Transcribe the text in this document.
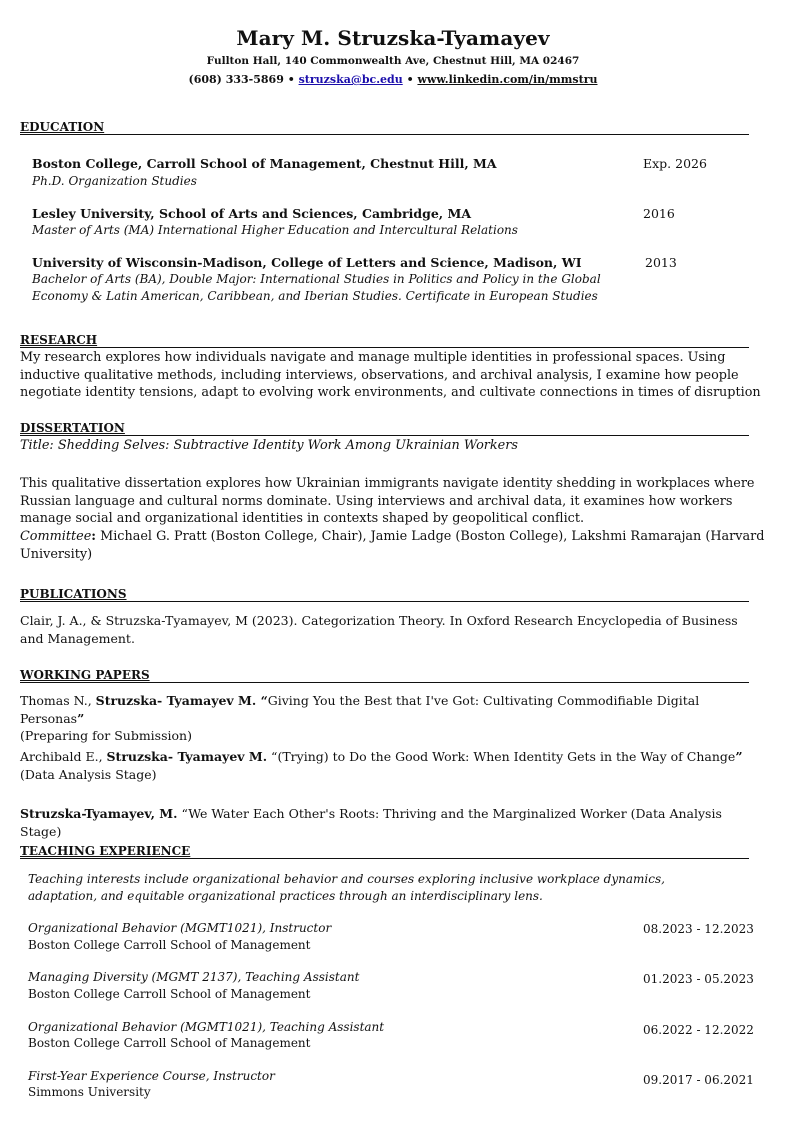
Mary M. Struzska-Tyamayev
Fullton Hall, 140 Commonwealth Ave, Chestnut Hill, MA 02467
(608) 333-5869 • struzska@bc.edu • www.linkedin.com/in/mmstru
EDUCATION
Boston College, Carroll School of Management, Chestnut Hill, MA
Ph.D. Organization Studies
Exp. 2026
Lesley University, School of Arts and Sciences, Cambridge, MA
Master of Arts (MA) International Higher Education and Intercultural Relations
2016
University of Wisconsin-Madison, College of Letters and Science, Madison, WI
Bachelor of Arts (BA), Double Major: International Studies in Politics and Policy in the Global
Economy & Latin American, Caribbean, and Iberian Studies. Certificate in European Studies
2013
RESEARCH
My research explores how individuals navigate and manage multiple identities in professional spaces. Using inductive qualitative methods, including interviews, observations, and archival analysis, I examine how people negotiate identity tensions, adapt to evolving work environments, and cultivate connections in times of disruption
DISSERTATION
Title: Shedding Selves: Subtractive Identity Work Among Ukrainian Workers
This qualitative dissertation explores how Ukrainian immigrants navigate identity shedding in workplaces where Russian language and cultural norms dominate. Using interviews and archival data, it examines how workers manage social and organizational identities in contexts shaped by geopolitical conflict.
Committee: Michael G. Pratt (Boston College, Chair), Jamie Ladge (Boston College), Lakshmi Ramarajan (Harvard University)
PUBLICATIONS
Clair, J. A., & Struzska-Tyamayev, M (2023). Categorization Theory. In Oxford Research Encyclopedia of Business and Management.
WORKING PAPERS
Thomas N., Struzska- Tyamayev M. “Giving You the Best that I've Got: Cultivating Commodifiable Digital Personas”
(Preparing for Submission)
Archibald E., Struzska- Tyamayev M. “(Trying) to Do the Good Work: When Identity Gets in the Way of Change” (Data Analysis Stage)
Struzska-Tyamayev, M. “We Water Each Other's Roots: Thriving and the Marginalized Worker (Data Analysis Stage)
TEACHING EXPERIENCE
Teaching interests include organizational behavior and courses exploring inclusive workplace dynamics, adaptation, and equitable organizational practices through an interdisciplinary lens.
Organizational Behavior (MGMT1021), Instructor
Boston College Carroll School of Management
08.2023 - 12.2023
Managing Diversity (MGMT 2137), Teaching Assistant
Boston College Carroll School of Management
01.2023 - 05.2023
Organizational Behavior (MGMT1021), Teaching Assistant
Boston College Carroll School of Management
06.2022 - 12.2022
First-Year Experience Course, Instructor
Simmons University
09.2017 - 06.2021
